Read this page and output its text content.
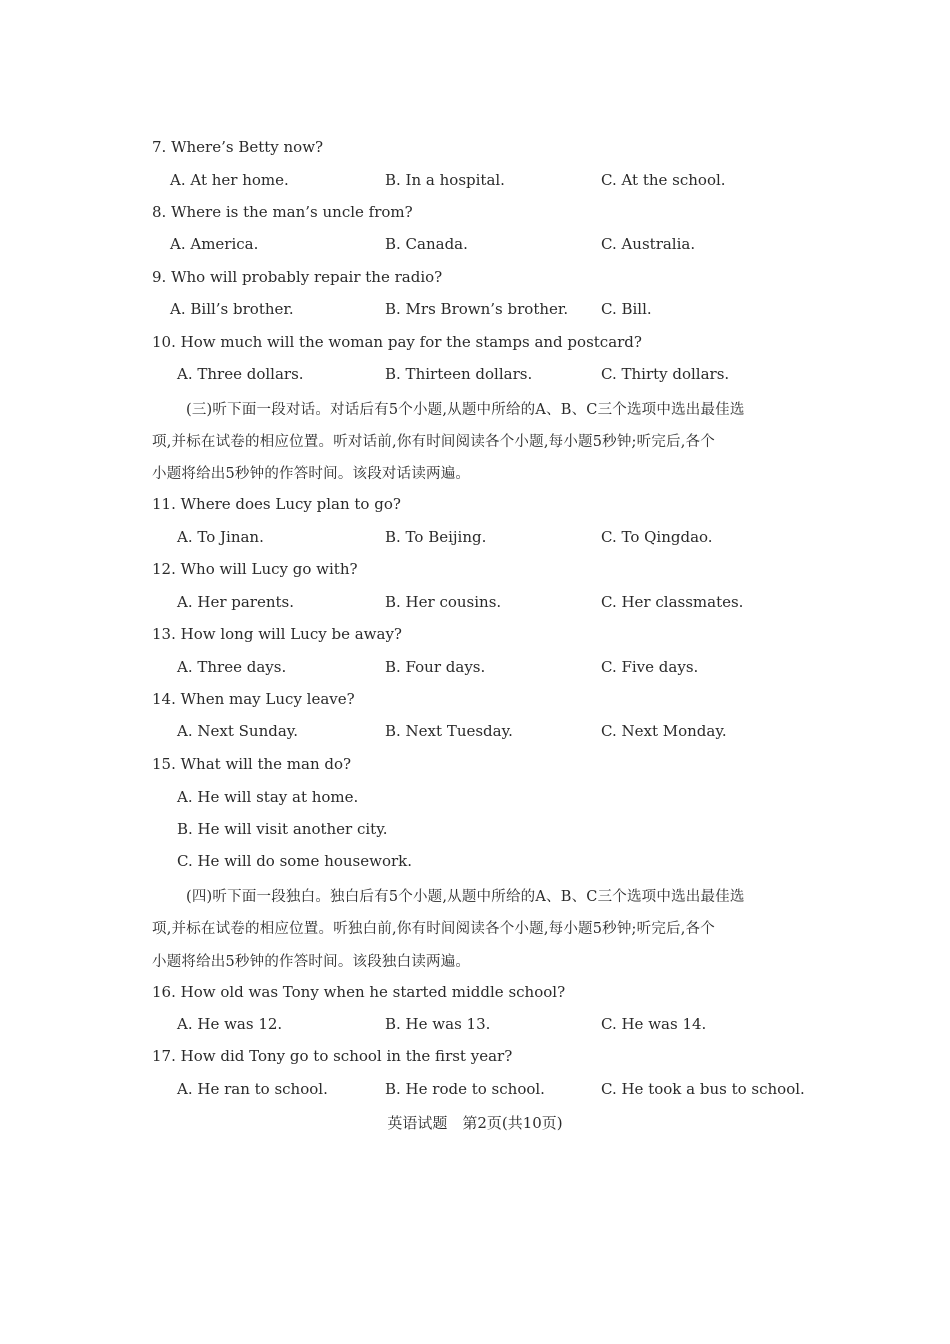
7. Where’s Betty now?
A. At her home.	B. In a hospital.	C. At the school.
8. Where is the man’s uncle from?
A. America.	B. Canada.	C. Australia.
9. Who will probably repair the radio?
A. Bill’s brother.	B. Mrs Brown’s brother. C. Bill.
10. How much will the woman pay for the stamps and postcard?
A. Three dollars.	B. Thirteen dollars.	C. Thirty dollars.
(三)听下面一段对话。对话后有5个小题,从题中所给的A、B、C三个选项中选出最佳选
项,并标在试卷的相应位置。听对话前,你有时间阅读各个小题,每小题5秒钟;听完后,各个
小题将给出5秒钟的作答时间。该段对话读两遍。
11. Where does Lucy plan to go?
A. To Jinan.	B. To Beijing.	C. To Qingdao.
12. Who will Lucy go with?
A. Her parents.	B. Her cousins.	C. Her classmates.
13. How long will Lucy be away?
A. Three days.	B. Four days.	C. Five days.
14. When may Lucy leave?
A. Next Sunday.	B. Next Tuesday.	C. Next Monday.
15. What will the man do?
A. He will stay at home.
B. He will visit another city.
C. He will do some housework.
(四)听下面一段独白。独白后有5个小题,从题中所给的A、B、C三个选项中选出最佳选
项,并标在试卷的相应位置。听独白前,你有时间阅读各个小题,每小题5秒钟;听完后,各个
小题将给出5秒钟的作答时间。该段独白读两遍。
16. How old was Tony when he started middle school?
A. He was 12.	B. He was 13.	C. He was 14.
17. How did Tony go to school in the first year?
A. He ran to school.	B. He rode to school.	C. He took a bus to school.
英语试题　第2页(共10页)
